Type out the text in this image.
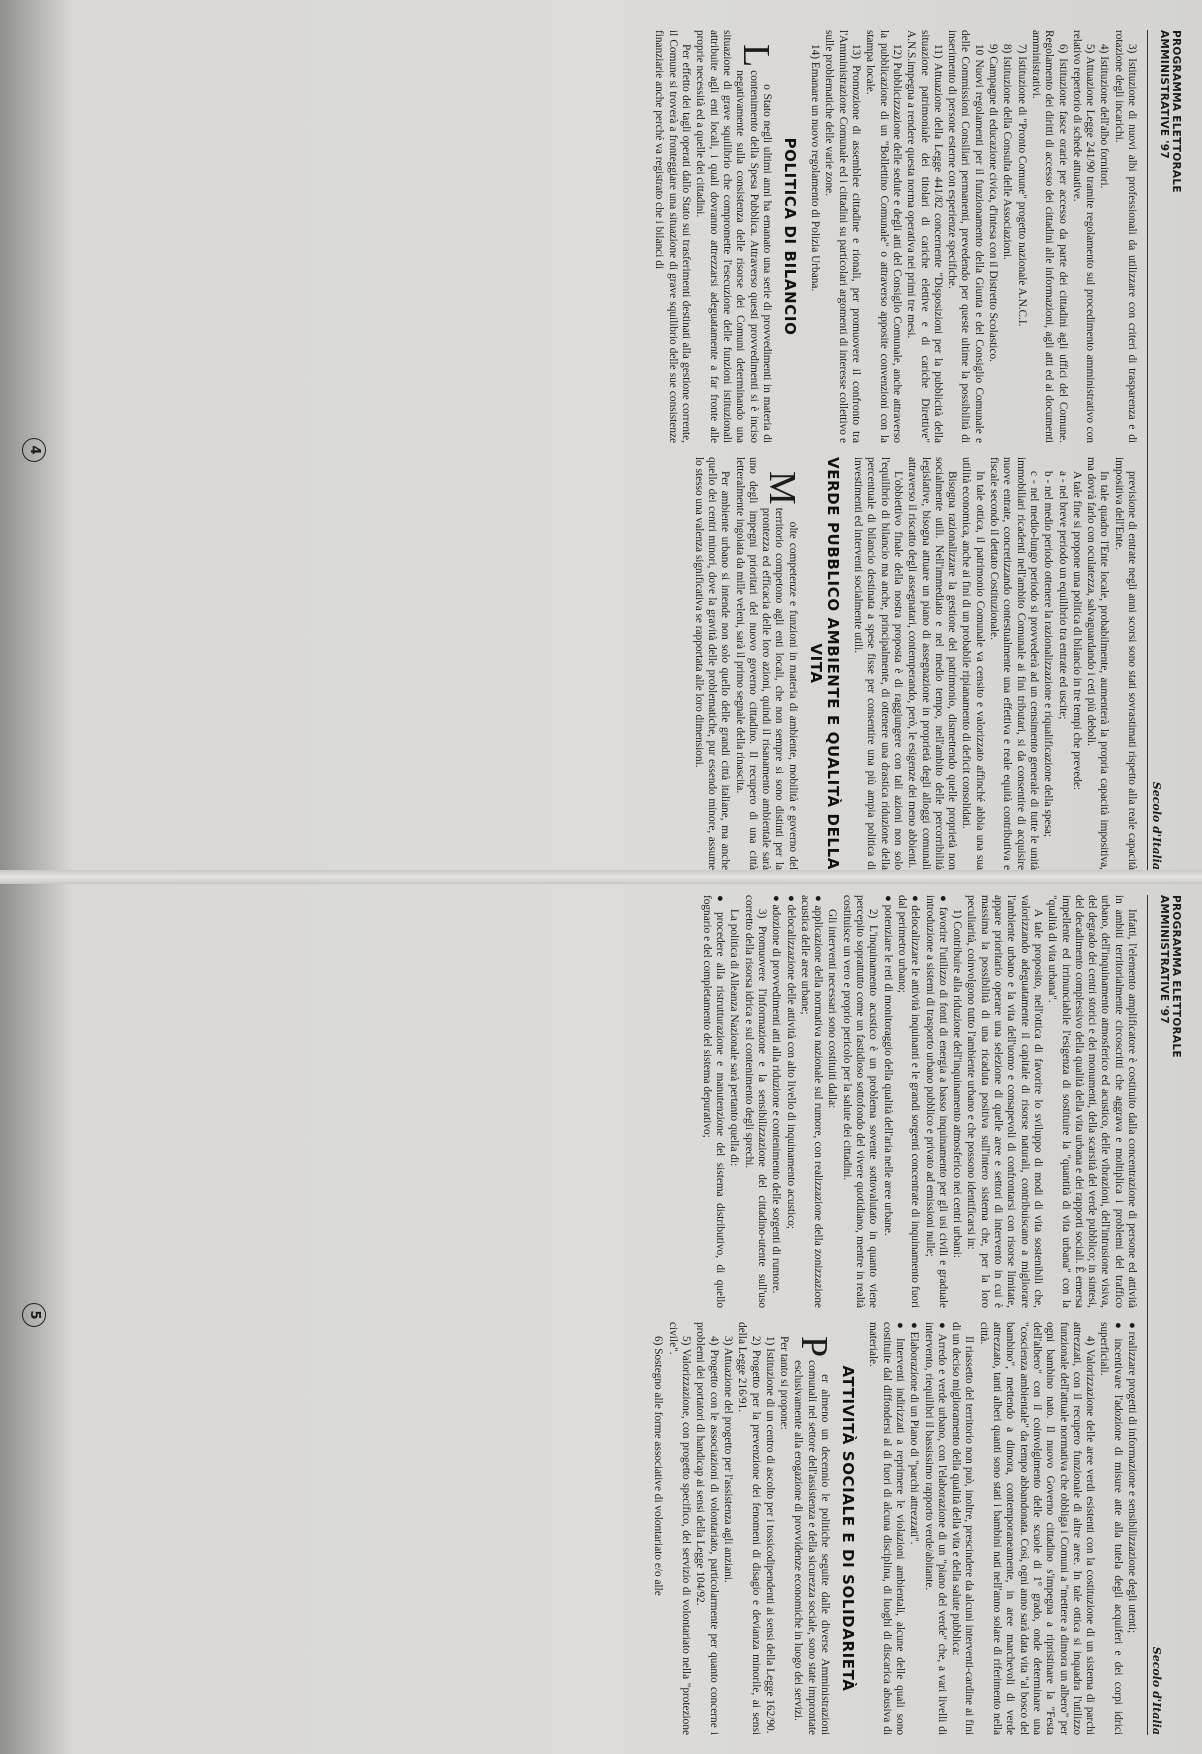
PROGRAMMA ELETTORALE
AMMINISTRATIVE '97
Secolo d'Italia

3) Istituzione di nuovi albi professionali da utilizzare con criteri di trasparenza e di rotazione degli incarichi.

4) Istituzione dell'albo fornitori.

5) Attuazione Legge 241/90 tramite regolamento sul procedimento amministrativo con relativo repertorio di schede attuative.

6) Istituzione fasce orarie per accesso da parte dei cittadini agli uffici del Comune. Regolamento dei diritti di accesso dei cittadini alle informazioni, agli atti ed ai documenti amministrativi.

7) Istituzione di "Pronto Comune" progetto nazionale A.N.C.I.

8) Istituzione della Consulta delle Associazioni.

9) Campagne di educazione civica, d'intesa con il Distretto Scolastico.

10 Nuovi regolamenti per il funzionamento della Giunta e del Consiglio Comunale e delle Commissioni Consiliari permanenti, prevedendo per queste ultime la possibilità di inserimento di persone esterne con esperienze specifiche.

11) Attuazione della Legge 441/82 concernente "Disposizioni per la pubblicità della situazione patrimoniale dei titolari di cariche elettive e di cariche Direttive" A.N.S.impegna a rendere questa norma operativa nei primi tre mesi.

12) Pubblicizzazione delle sedute e degli atti del Consiglio Comunale, anche attraverso la pubblicazione di un "Bollettino Comunale" o attraverso apposite convenzioni con la stampa locale.

13) Promozione di assemblee cittadine e rionali, per promuovere il confronto tra l'Amministrazione Comunale ed i cittadini su particolari argomenti di interesse collettivo e sulle problematiche delle varie zone.

14) Emanare un nuovo regolamento di Polizia Urbana.

POLITICA DI BILANCIO

Lo Stato negli ultimi anni ha emanato una serie di provvedimenti in materia di contenimento della Spesa Pubblica. Attraverso questi provvedimenti si è inciso negativamente sulla consistenza delle risorse dei Comuni determinando una situazione di grave squilibrio che compromette l'esecuzione delle funzioni istituzionali attribuite agli enti locali, i quali dovranno attrezzarsi adeguatamente a far fronte alle proprie necessità ed a quelle dei cittadini.

Per effetto dei tagli operati dallo Stato sui trasferimenti destinati alla gestione corrente, il Comune si troverà a fronteggiare una situazione di grave squilibrio delle sue consistenze finanziarie anche perché va registrato che i bilanci di

previsione di entrate negli anni scorsi sono stati sovrastimati rispetto alla reale capacità impositiva dell'Ente.

In tale quadro l'Ente locale, probabilmente, aumenterà la propria capacità impositiva, ma dovrà farlo con oculatezza, salvaguardando i ceti più deboli.

A tale fine si propone una politica di bilancio in tre tempi che prevede:

a - nel breve periodo un equilibrio tra entrate ed uscite;

b - nel medio periodo ottenere la razionalizzazione e riqualificazione della spesa;

c - nel medio-lungo periodo si provvederà ad un censimento generale di tutte le unità immobiliari ricadenti nell'ambito Comunale ai fini tributari, si da consentire di acquisire nuove entrate, concretizzando contestualmente una effettiva e reale equità contributiva e fiscale secondo il dettato Costituzionale.

In tale ottica, il patrimonio Comunale va censito e valorizzato affinché abbia una sua utilità economica, anche ai fini di un probabile ripianamento di deficit consolidati.

Bisogna razionalizzare la gestione del patrimonio, dismettendo quelle proprietà non socialmente utili. Nell'immediato e nel medio tempo, nell'ambito delle percorribilità legislative, bisogna attuare un piano di assegnazione in proprietà degli alloggi comunali attraverso il riscatto degli assegnatari, contemperando, però, le esigenze dei meno abbienti.

L'obbiettivo finale della nostra proposta è di raggiungere con tali azioni non solo l'equilibrio di bilancio ma anche, principalmente, di ottenere una drastica riduzione della percentuale di bilancio destinata a spese fisse per consentire una più ampia politica di investimenti ed interventi socialmente utili.

VERDE PUBBLICO AMBIENTE E QUALITÀ DELLA VITA

Molte competenze e funzioni in materia di ambiente, mobilità e governo del territorio competono agli enti locali, che non sempre si sono distinti per la prontezza ed efficacia delle loro azioni, quindi il risanamento ambientale sarà uno degli impegni prioritari del nuovo governo cittadino. Il recupero di una città letteralmente ingoiata da mille veleni, sarà il primo segnale della rinascita.

Per ambiente urbano si intende non solo quello delle grandi città italiane, ma anche quello dei centri minori, dove la gravità delle problematiche, pur essendo minore, assume lo stesso una valenza significativa se rapportata alle loro dimensioni.

4
PROGRAMMA ELETTORALE
AMMINISTRATIVE '97
Secolo d'Italia

Infatti, l'elemento amplificatore è costituito dalla concentrazione di persone ed attività in ambiti territorialmente circoscritti che aggrava e moltiplica i problemi del traffico urbano, dell'inquinamento atmosferico ed acustico, delle vibrazioni, dell'intrusione visiva, del degrado dei centri storici e dei monumenti, della scarsità del verde pubblico; in sintesi, del decadimento complessivo della qualità della vita urbana e dei rapporti sociali. È emersa impellente ed irrinunciabile l'esigenza di sostituire la "quantità di vita urbana" con la "qualità di vita urbana".

A tale proposito, nell'ottica di favorire lo sviluppo di modi di vita sostenibili che, valorizzando adeguatamente il capitale di risorse naturali, contribuiscano a migliorare l'ambiente urbano e la vita dell'uomo e consapevoli di confrontarsi con risorse limitate, appare prioritario operare una selezione di quelle aree e settori di intervento in cui è massima la possibilità di una ricaduta positiva sull'intero sistema che, per la loro peculiarità, coinvolgono tutto l'ambiente urbano e che possono identificarsi in:

1) Contribuire alla riduzione dell'inquinamento atmosferico nei centri urbani:

● favorire l'utilizzo di fonti di energia a basso inquinamento per gli usi civili e graduale introduzione a sistemi di trasporto urbano pubblico e privato ad emissioni nulle;

● delocalizzare le attività inquinanti e le grandi sorgenti concentrate di inquinamento fuori dal perimetro urbano;

● potenziare le reti di monitoraggio della qualità dell'aria nelle aree urbane.

2) L'inquinamento acustico è un problema sovente sottovalutato in quanto viene percepito soprattutto come un fastidioso sottofondo del vivere quotidiano, mentre in realtà costituisce un vero e proprio pericolo per la salute dei cittadini.

Gli interventi necessari sono costituiti dalla:

● applicazione della normativa nazionale sul rumore, con realizzazione della zonizzazione acustica delle aree urbane;

● delocalizzazione delle attività con alto livello di inquinamento acustico;

● adozione di provvedimenti atti alla riduzione e contenimento delle sorgenti di rumore.

3) Promuovere l'informazione e la sensibilizzazione del cittadino-utente sull'uso corretto della risorsa idrica e sul contenimento degli sprechi.

La politica di Alleanza Nazionale sarà pertanto quella di:

● procedere alla ristrutturazione e manutenzione del sistema distributivo, di quello fognario e del completamento del sistema depurativo;

● realizzare progetti di informazione e sensibilizzazione degli utenti;

● incentivare l'adozione di misure atte alla tutela degli acquiferi e dei corpi idrici superficiali.

4) Valorizzazione delle aree verdi esistenti con la costituzione di un sistema di parchi attrezzati, con il recupero funzionale di altre aree. In tale ottica si inquadra l'utilizzo funzionale dell'attuale normativa che obbliga i Comuni a "mettere a dimora un albero" per ogni bambino nato. Il nuovo Governo cittadino s'impegna a ripristinare la "Festa dell'albero" con il coinvolgimento delle scuole di 1° grado, onde determinare una "coscienza ambientale" da tempo abbandonata. Così, ogni anno sarà data vita "al bosco del bambino", mettendo a dimora, contemporaneamente, in aree marchevoli di verde attrezzato, tanti alberi quanti sono stati i bambini nati nell'anno solare di riferimento nella città.

Il riassetto del territorio non può, inoltre, prescindere da alcuni interventi-cardine ai fini di un deciso miglioramento della qualità della vita e della salute pubblica:

● Arredo e verde urbano, con l'elaborazione di un "piano del verde" che, a vari livelli di intervento, riequilibri il bassissimo rapporto verde/abitante.

● Elaborazione di un Piano di "parchi attrezzati".

● Interventi indirizzati a reprimere le violazioni ambientali, alcune delle quali sono costituite dal diffondersi al di fuori di alcuna disciplina, di luoghi di discarica abusiva di materiale.

ATTIVITÀ SOCIALE E DI SOLIDARIETÀ

Per almeno un decennio le politiche seguite dalle diverse Amministrazioni comunali nel settore dell'assistenza e della sicurezza sociale, sono state improntate esclusivamente alla erogazione di provvidenze economiche in luogo dei servizi.

Per tanto si propone:

1) Istituzione di un centro di ascolto per i tossicodipendenti ai sensi della Legge 162/90.

2) Progetto per la prevenzione dei fenomeni di disagio e devianza minorile, ai sensi della Legge 216/91.

3) Attuazione del progetto per l'assistenza agli anziani.

4) Progetto con le associazioni di volontariato, particolarmente per quanto concerne i problemi dei portatori di handicap ai sensi della Legge 104/92.

5) Valorizzazione, con progetto specifico, del servizio di volontariato nella "protezione civile".

6) Sostegno alle forme associative di volontariato e/o alle

5
